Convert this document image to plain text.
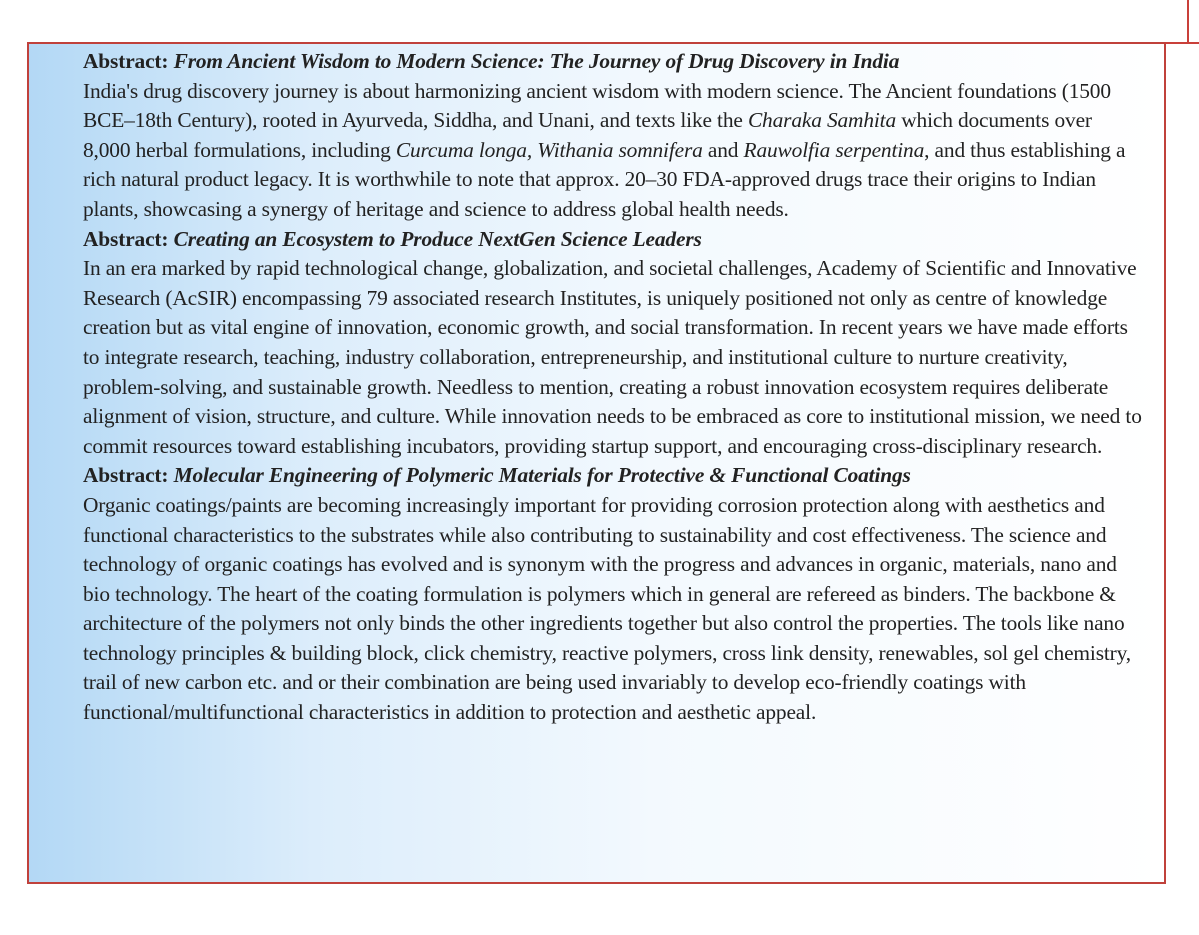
Abstract: From Ancient Wisdom to Modern Science: The Journey of Drug Discovery in India

India's drug discovery journey is about harmonizing ancient wisdom with modern science. The Ancient foundations (1500 BCE–18th Century), rooted in Ayurveda, Siddha, and Unani, and texts like the Charaka Samhita which documents over 8,000 herbal formulations, including Curcuma longa, Withania somnifera and Rauwolfia serpentina, and thus establishing a rich natural product legacy. It is worthwhile to note that approx. 20–30 FDA-approved drugs trace their origins to Indian plants, showcasing a synergy of heritage and science to address global health needs.

Abstract: Creating an Ecosystem to Produce NextGen Science Leaders

In an era marked by rapid technological change, globalization, and societal challenges, Academy of Scientific and Innovative Research (AcSIR) encompassing 79 associated research Institutes, is uniquely positioned not only as centre of knowledge creation but as vital engine of innovation, economic growth, and social transformation. In recent years we have made efforts to integrate research, teaching, industry collaboration, entrepreneurship, and institutional culture to nurture creativity, problem-solving, and sustainable growth. Needless to mention, creating a robust innovation ecosystem requires deliberate alignment of vision, structure, and culture. While innovation needs to be embraced as core to institutional mission, we need to commit resources toward establishing incubators, providing startup support, and encouraging cross-disciplinary research.

Abstract: Molecular Engineering of Polymeric Materials for Protective & Functional Coatings

Organic coatings/paints are becoming increasingly important for providing corrosion protection along with aesthetics and functional characteristics to the substrates while also contributing to sustainability and cost effectiveness. The science and technology of organic coatings has evolved and is synonym with the progress and advances in organic, materials, nano and bio technology. The heart of the coating formulation is polymers which in general are refereed as binders. The backbone & architecture of the polymers not only binds the other ingredients together but also control the properties. The tools like nano technology principles & building block, click chemistry, reactive polymers, cross link density, renewables, sol gel chemistry, trail of new carbon etc. and or their combination are being used invariably to develop eco-friendly coatings with functional/multifunctional characteristics in addition to protection and aesthetic appeal.
